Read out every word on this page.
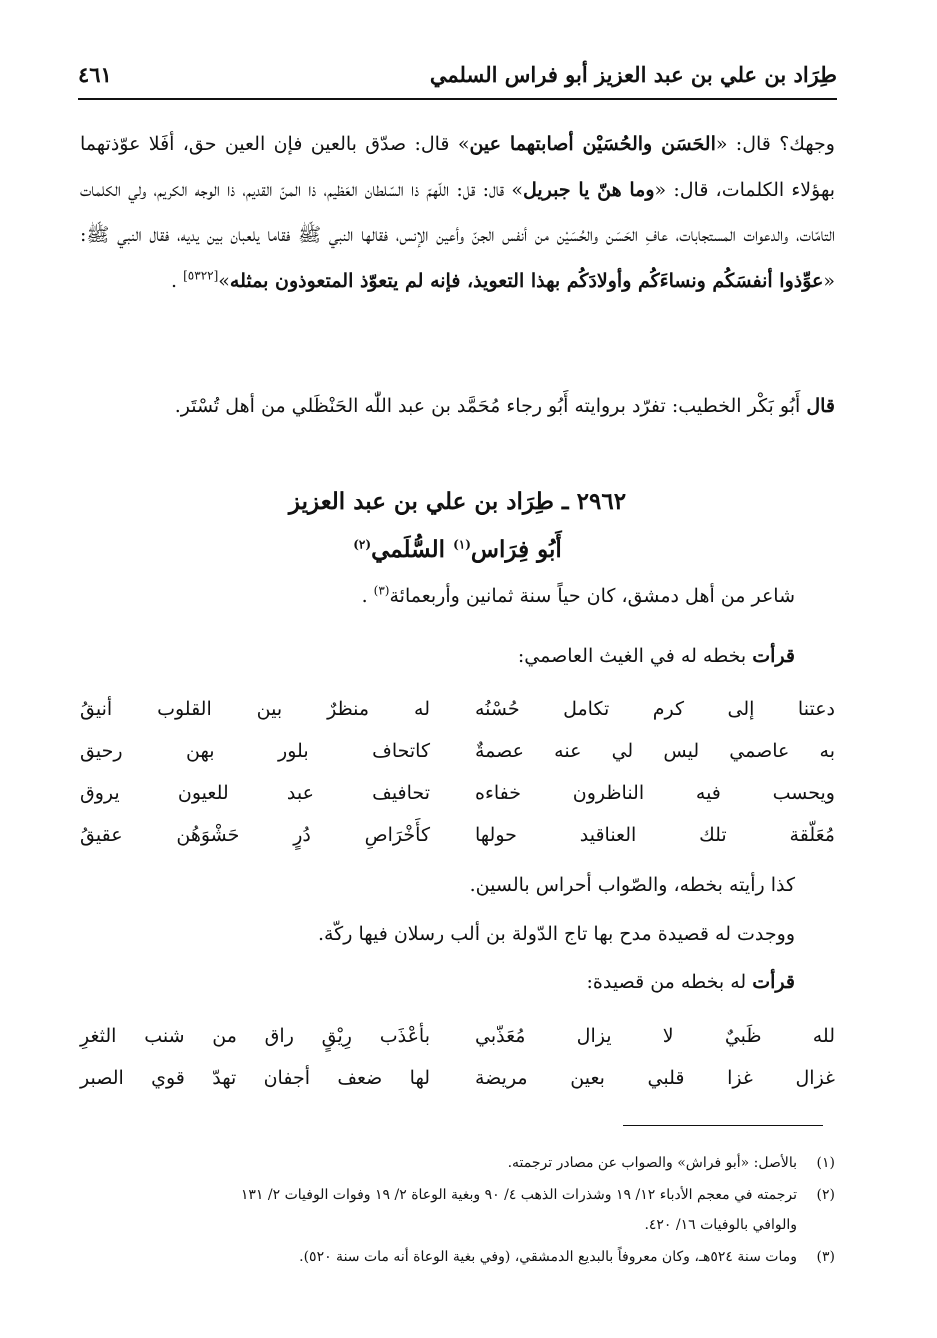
طِرَاد بن علي بن عبد العزيز أبو فراس السلمي
٤٦١

وجهك؟ قال: «الحَسَن والحُسَيْن أصابتهما عين» قال: صدّق بالعين فإن العين حق، أفَلا عوّذتهما بهؤلاء الكلمات، قال: «وما هنّ يا جبريل» قال: قل: اللّهمّ ذا السّلطان العَظيم، ذا المنّ القديم، ذا الوجه الكريم، ولي الكلمات التامّات، والدعوات المستجابات، عافِ الحَسَن والحُسَيْن من أنفس الجنّ وأعين الإنس، فقالها النبي ﷺ فقاما يلعبان بين يديه، فقال النبي ﷺ: «عوِّذوا أنفسَكُم ونساءَكُم وأولادَكُم بهذا التعويذ، فإنه لم يتعوّذ المتعوذون بمثله»[٥٣٢٢] .

قال أَبُو بَكْر الخطيب: تفرّد بروايته أَبُو رجاء مُحَمَّد بن عبد اللّٰه الحَنْظَلي من أهل تُسْتَر.

٢٩٦٢ ـ طِرَاد بن علي بن عبد العزيز
أَبُو فِرَاس$^{(١)}$ السُّلَمي$^{(٢)}$

شاعر من أهل دمشق، كان حياً سنة ثمانين وأربعمائة$^{(٣)}$ .

قرأت بخطه له في الغيث العاصمي:

دعتنا إلى كرم تكامل حُسْنُه
له منظرٌ بين القلوب أنيقُ
به عاصمي ليس لي عنه عصمةٌ
كاتحاف بلور بهن رحيق
ويحسب فيه الناظرون خفاءه
تحافيف عبد للعيون يروق
مُعَلّقة تلك العناقيد حولها
كأَخْرَاصِ دُرٍ حَشْوَهُن عقيقُ

كذا رأيته بخطه، والصّواب أحراس بالسين.

ووجدت له قصيدة مدح بها تاج الدّولة بن ألب رسلان فيها ركّة.

قرأت له بخطه من قصيدة:

لله ظَبيٌ لا يزال مُعَذّبي
بأعْذَب رِيْقٍ راق من شنب الثغرِ
غزال غزا قلبي بعين مريضة
لها ضعف أجفان تهدّ قوي الصبر

(١)بالأصل: «أبو فراش» والصواب عن مصادر ترجمته.

(٢)ترجمته في معجم الأدباء ١٢/ ١٩ وشذرات الذهب ٤/ ٩٠ وبغية الوعاة ٢/ ١٩ وفوات الوفيات ٢/ ١٣١

والوافي بالوفيات ١٦/ ٤٢٠.

(٣)ومات سنة ٥٢٤هـ، وكان معروفاً بالبديع الدمشقي، (وفي بغية الوعاة أنه مات سنة ٥٢٠).
